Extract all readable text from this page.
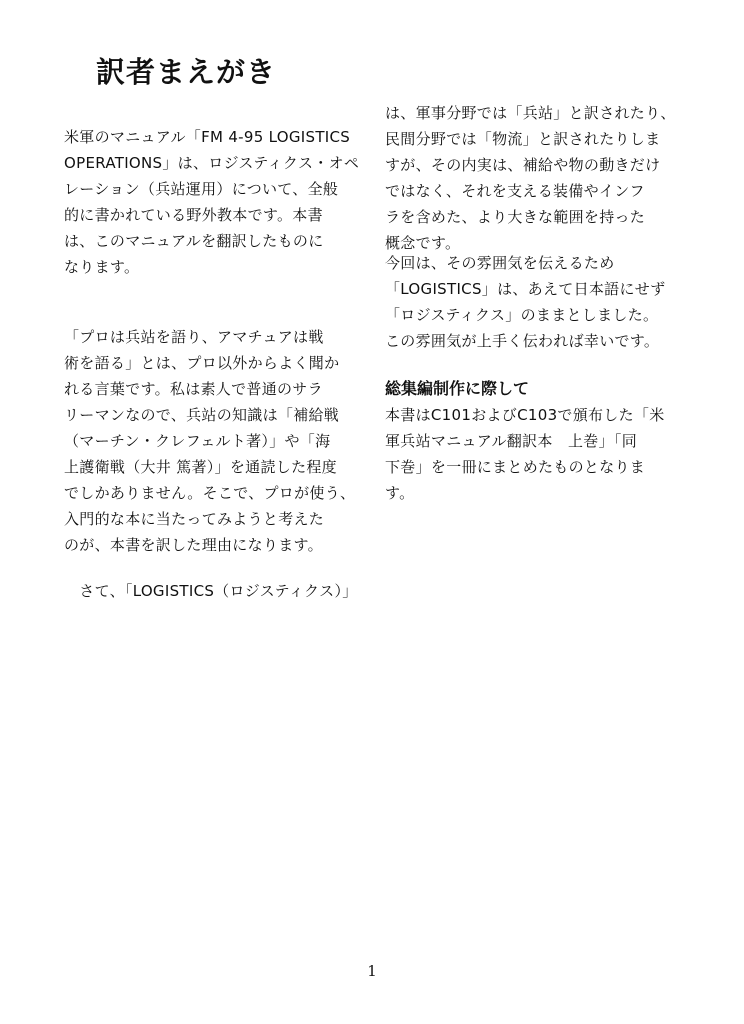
訳者まえがき
米軍のマニュアル「FM 4-95 LOGISTICS
OPERATIONS」は、ロジスティクス・オペ
レーション（兵站運用）について、全般
的に書かれている野外教本です。本書
は、このマニュアルを翻訳したものに
なります。
「プロは兵站を語り、アマチュアは戦
術を語る」とは、プロ以外からよく聞か
れる言葉です。私は素人で普通のサラ
リーマンなので、兵站の知識は「補給戦
（マーチン・クレフェルト著）」や「海
上護衛戦（大井 篤著）」を通読した程度
でしかありません。そこで、プロが使う、
入門的な本に当たってみようと考えた
のが、本書を訳した理由になります。
　さて、「LOGISTICS（ロジスティクス）」
は、軍事分野では「兵站」と訳されたり、
民間分野では「物流」と訳されたりしま
すが、その内実は、補給や物の動きだけ
ではなく、それを支える装備やインフ
ラを含めた、より大きな範囲を持った
概念です。
今回は、その雰囲気を伝えるため
「LOGISTICS」は、あえて日本語にせず
「ロジスティクス」のままとしました。
この雰囲気が上手く伝われば幸いです。
総集編制作に際して
本書はC101およびC103で頒布した「米
軍兵站マニュアル翻訳本　上巻」「同
下巻」を一冊にまとめたものとなりま
す。
1
